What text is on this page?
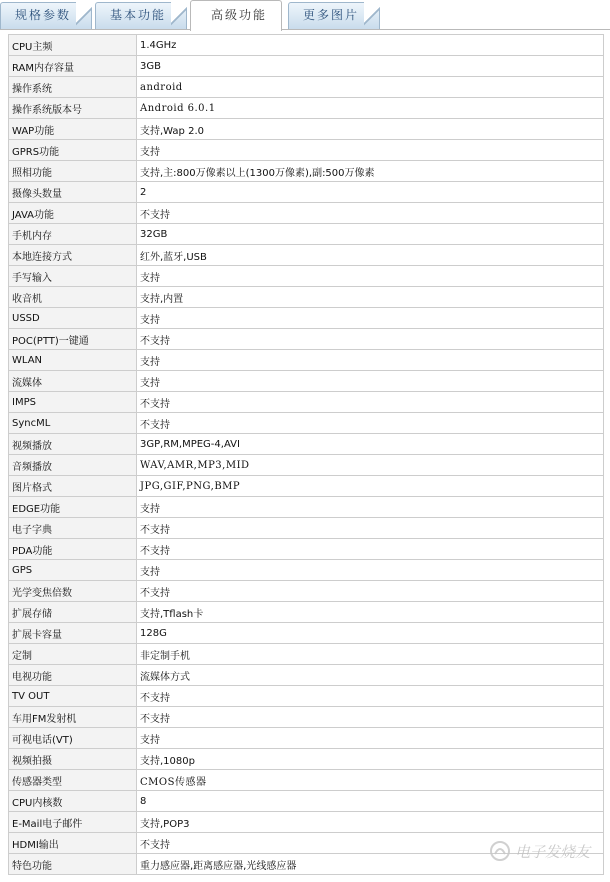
规格参数	基本功能	高级功能	更多图片
CPU主频	1.4GHz
RAM内存容量	3GB
操作系统	android
操作系统版本号	Android 6.0.1
WAP功能	支持,Wap 2.0
GPRS功能	支持
照相功能	支持,主:800万像素以上(1300万像素),副:500万像素
摄像头数量	2
JAVA功能	不支持
手机内存	32GB
本地连接方式	红外,蓝牙,USB
手写输入	支持
收音机	支持,内置
USSD	支持
POC(PTT)一键通	不支持
WLAN	支持
流媒体	支持
IMPS	不支持
SyncML	不支持
视频播放	3GP,RM,MPEG-4,AVI
音频播放	WAV,AMR,MP3,MID
图片格式	JPG,GIF,PNG,BMP
EDGE功能	支持
电子字典	不支持
PDA功能	不支持
GPS	支持
光学变焦倍数	不支持
扩展存储	支持,Tflash卡
扩展卡容量	128G
定制	非定制手机
电视功能	流媒体方式
TV OUT	不支持
车用FM发射机	不支持
可视电话(VT)	支持
视频拍摄	支持,1080p
传感器类型	CMOS传感器
CPU内核数	8
E-Mail电子邮件	支持,POP3
HDMI输出	不支持
特色功能	重力感应器,距离感应器,光线感应器
电子发烧友
